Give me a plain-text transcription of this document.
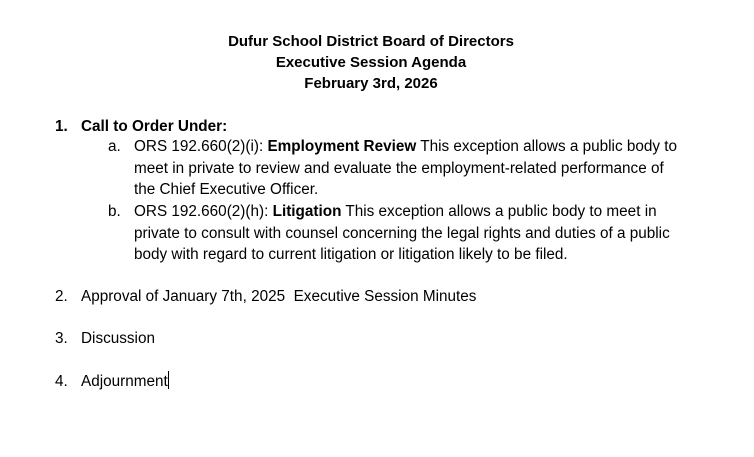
Dufur School District Board of Directors
Executive Session Agenda
February 3rd, 2026
1. Call to Order Under:
a. ORS 192.660(2)(i): Employment Review This exception allows a public body to
meet in private to review and evaluate the employment-related performance of
the Chief Executive Officer.
b. ORS 192.660(2)(h): Litigation This exception allows a public body to meet in
private to consult with counsel concerning the legal rights and duties of a public
body with regard to current litigation or litigation likely to be filed.
2. Approval of January 7th, 2025  Executive Session Minutes
3. Discussion
4. Adjournment
